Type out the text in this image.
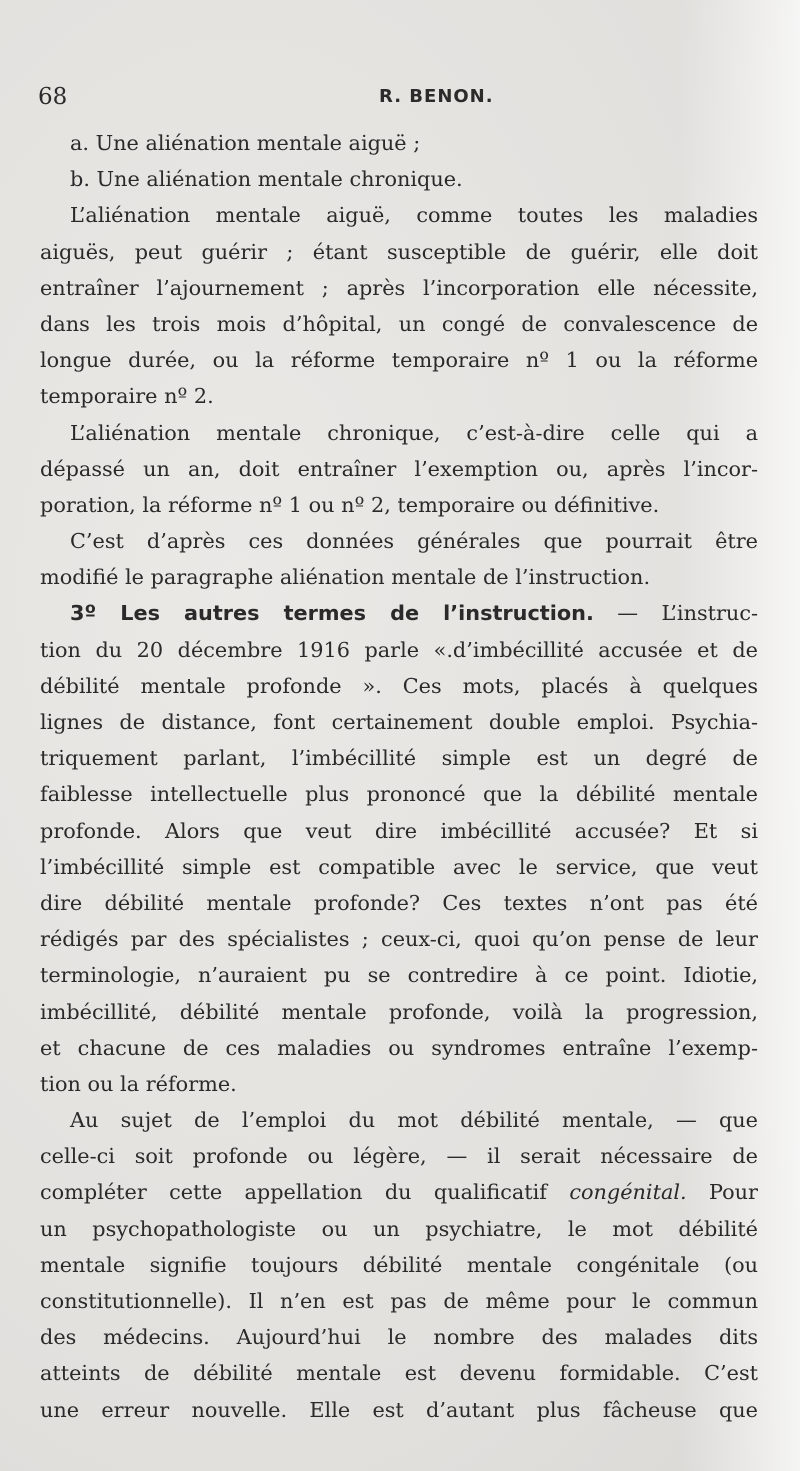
68	R. BENON.
a. Une aliénation mentale aiguë ;
b. Une aliénation mentale chronique.
L’aliénation mentale aiguë, comme toutes les maladies
aiguës, peut guérir ; étant susceptible de guérir, elle doit
entraîner l’ajournement ; après l’incorporation elle nécessite,
dans les trois mois d’hôpital, un congé de convalescence de
longue durée, ou la réforme temporaire nº 1 ou la réforme
temporaire nº 2.
L’aliénation mentale chronique, c’est-à-dire celle qui a
dépassé un an, doit entraîner l’exemption ou, après l’incor-
poration, la réforme nº 1 ou nº 2, temporaire ou définitive.
C’est d’après ces données générales que pourrait être
modifié le paragraphe aliénation mentale de l’instruction.
3º Les autres termes de l’instruction. — L’instruc-
tion du 20 décembre 1916 parle «.d’imbécillité accusée et de
débilité mentale profonde ». Ces mots, placés à quelques
lignes de distance, font certainement double emploi. Psychia-
triquement parlant, l’imbécillité simple est un degré de
faiblesse intellectuelle plus prononcé que la débilité mentale
profonde. Alors que veut dire imbécillité accusée? Et si
l’imbécillité simple est compatible avec le service, que veut
dire débilité mentale profonde? Ces textes n’ont pas été
rédigés par des spécialistes ; ceux-ci, quoi qu’on pense de leur
terminologie, n’auraient pu se contredire à ce point. Idiotie,
imbécillité, débilité mentale profonde, voilà la progression,
et chacune de ces maladies ou syndromes entraîne l’exemp-
tion ou la réforme.
Au sujet de l’emploi du mot débilité mentale, — que
celle-ci soit profonde ou légère, — il serait nécessaire de
compléter cette appellation du qualificatif congénital. Pour
un psychopathologiste ou un psychiatre, le mot débilité
mentale signifie toujours débilité mentale congénitale (ou
constitutionnelle). Il n’en est pas de même pour le commun
des médecins. Aujourd’hui le nombre des malades dits
atteints de débilité mentale est devenu formidable. C’est
une erreur nouvelle. Elle est d’autant plus fâcheuse que
